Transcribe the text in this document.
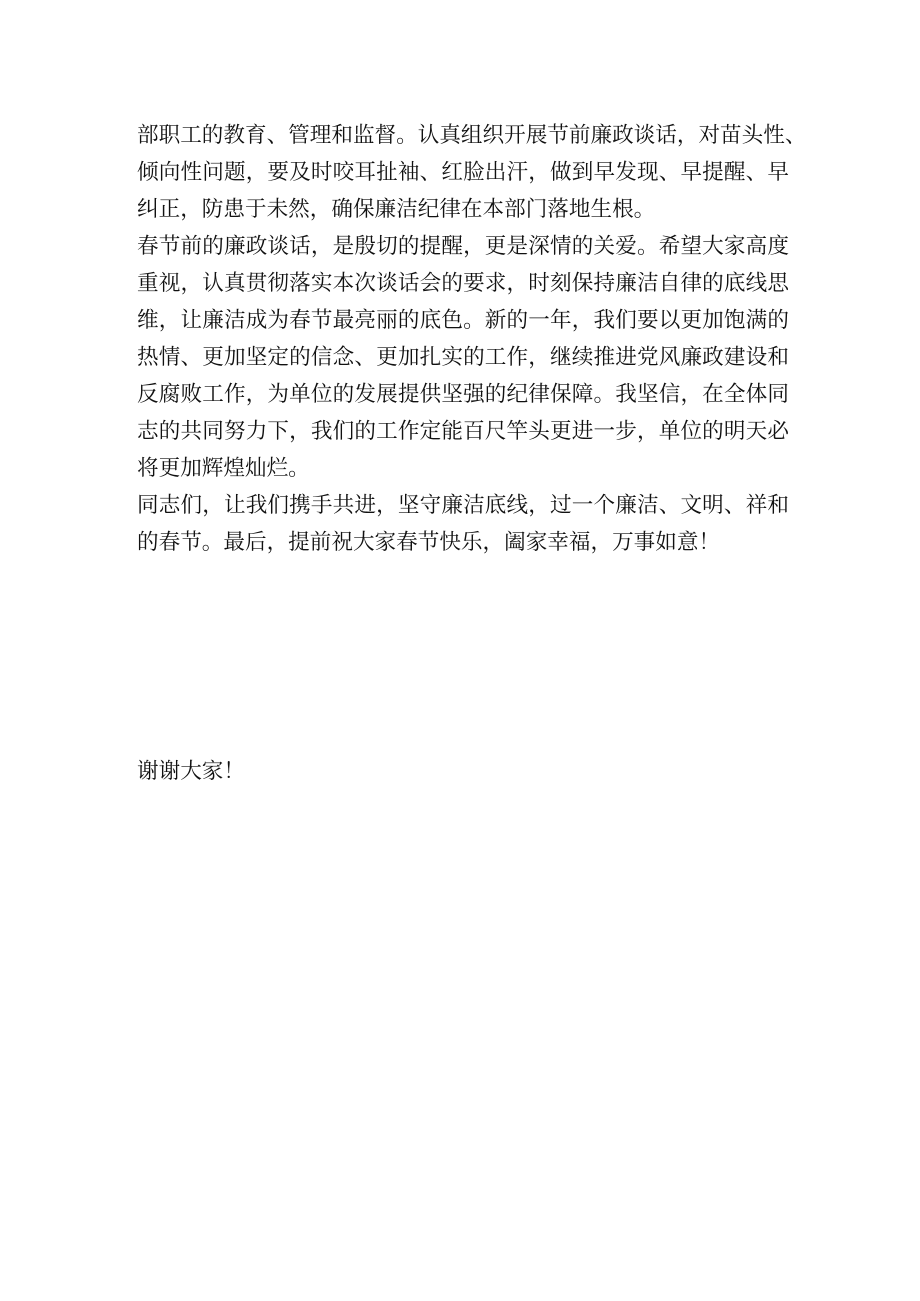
部职工的教育、管理和监督。认真组织开展节前廉政谈话，对苗头性、
倾向性问题，要及时咬耳扯袖、红脸出汗，做到早发现、早提醒、早
纠正，防患于未然，确保廉洁纪律在本部门落地生根。
春节前的廉政谈话，是殷切的提醒，更是深情的关爱。希望大家高度
重视，认真贯彻落实本次谈话会的要求，时刻保持廉洁自律的底线思
维，让廉洁成为春节最亮丽的底色。新的一年，我们要以更加饱满的
热情、更加坚定的信念、更加扎实的工作，继续推进党风廉政建设和
反腐败工作，为单位的发展提供坚强的纪律保障。我坚信，在全体同
志的共同努力下，我们的工作定能百尺竿头更进一步，单位的明天必
将更加辉煌灿烂。
同志们，让我们携手共进，坚守廉洁底线，过一个廉洁、文明、祥和
的春节。最后，提前祝大家春节快乐，阖家幸福，万事如意！
谢谢大家！
